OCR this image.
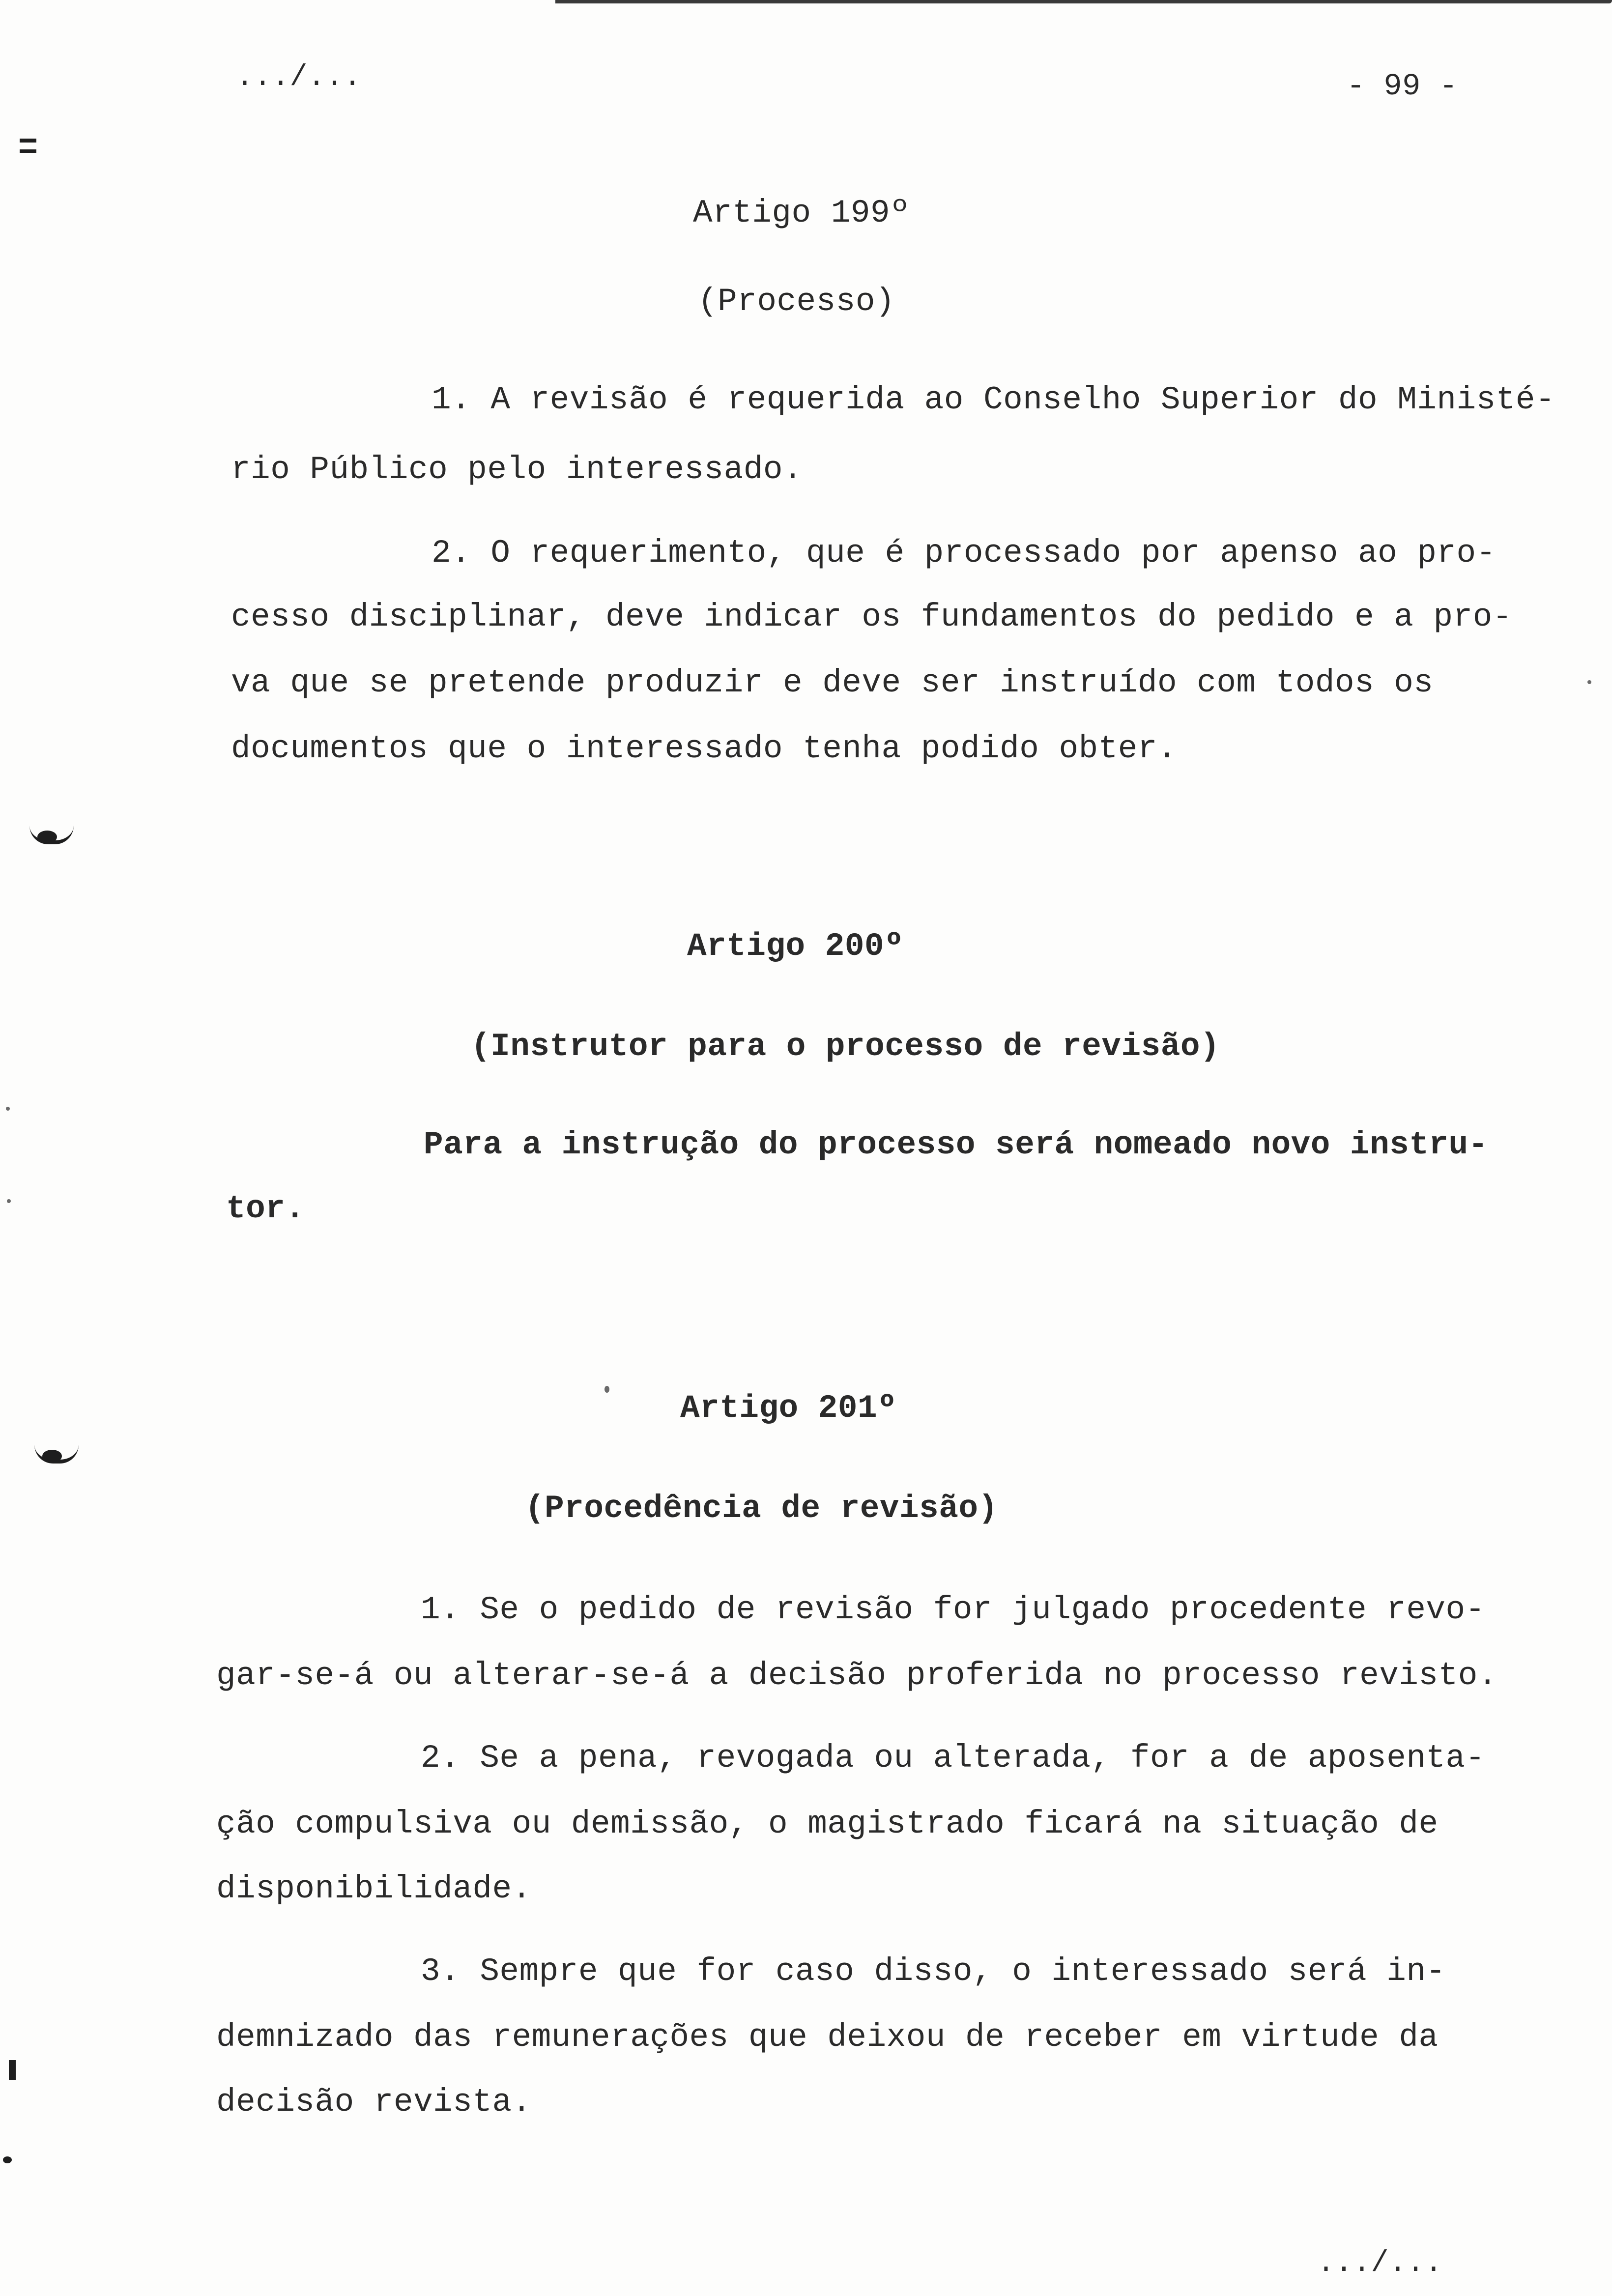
.../...	- 99 -
Artigo 199º
(Processo)
1. A revisão é requerida ao Conselho Superior do Ministé-
rio Público pelo interessado.
2. O requerimento, que é processado por apenso ao pro-
cesso disciplinar, deve indicar os fundamentos do pedido e a pro-
va que se pretende produzir e deve ser instruído com todos os
documentos que o interessado tenha podido obter.
Artigo 200º
(Instrutor para o processo de revisão)
Para a instrução do processo será nomeado novo instru-
tor.
Artigo 201º
(Procedência de revisão)
1. Se o pedido de revisão for julgado procedente revo-
gar-se-á ou alterar-se-á a decisão proferida no processo revisto.
2. Se a pena, revogada ou alterada, for a de aposenta-
ção compulsiva ou demissão, o magistrado ficará na situação de
disponibilidade.
3. Sempre que for caso disso, o interessado será in-
demnizado das remunerações que deixou de receber em virtude da
decisão revista.
.../...
